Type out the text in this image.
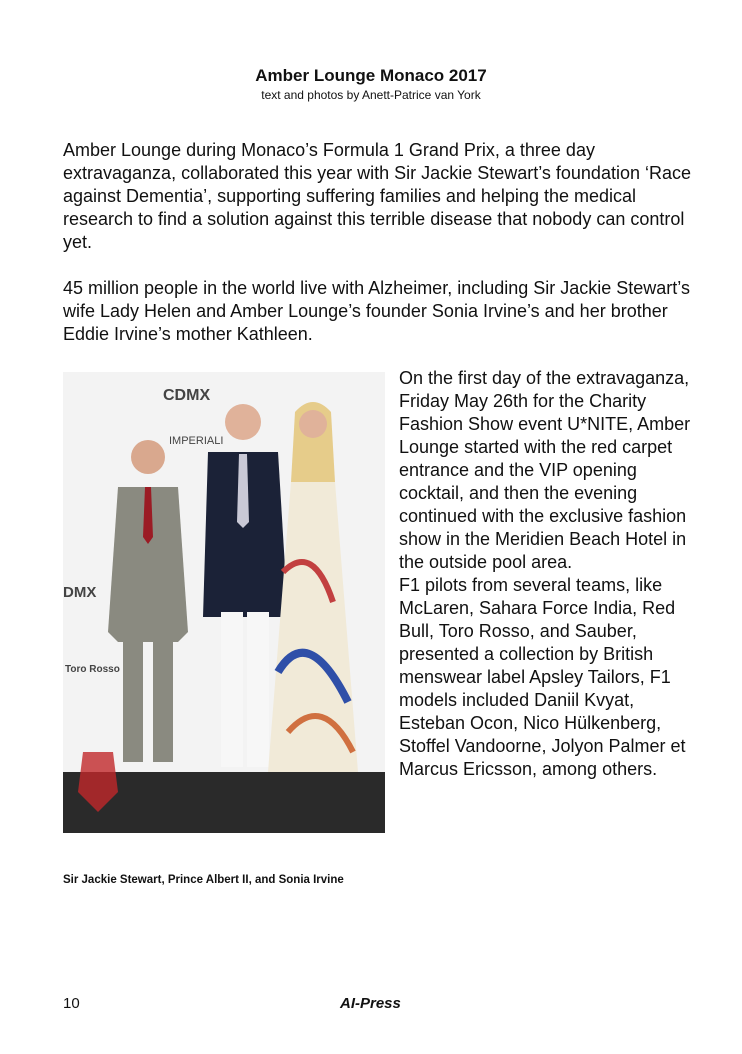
Amber Lounge Monaco 2017
text and photos by Anett-Patrice van York

Amber Lounge during Monaco’s Formula 1 Grand Prix, a three day extravaganza, collaborated this year with Sir Jackie Stewart’s foundation ‘Race against Dementia’, supporting suffering families and helping the medical research to find a solution against this terrible disease that nobody can control yet.

45 million people in the world live with Alzheimer, including Sir Jackie Stewart’s wife Lady Helen and Amber Lounge’s founder Sonia Irvine’s and her brother Eddie Irvine’s mother Kathleen.

CDMX
IMPERIALI
DMX
Toro Rosso

On the first day of the extravaganza, Friday May 26th for the Charity Fashion Show event U*NITE, Amber Lounge started with the red carpet entrance and the VIP opening cocktail, and then the evening continued with the exclusive fashion show in the Meridien Beach Hotel in the outside pool area.

F1 pilots from several teams, like McLaren, Sahara Force India, Red Bull, Toro Rosso, and Sauber, presented a collection by British menswear label Apsley Tailors, F1 models included Daniil Kvyat, Esteban Ocon, Nico Hülkenberg, Stoffel Vandoorne, Jolyon Palmer et Marcus Ericsson, among others.

Sir Jackie Stewart, Prince Albert II, and Sonia Irvine
10	AI-Press
